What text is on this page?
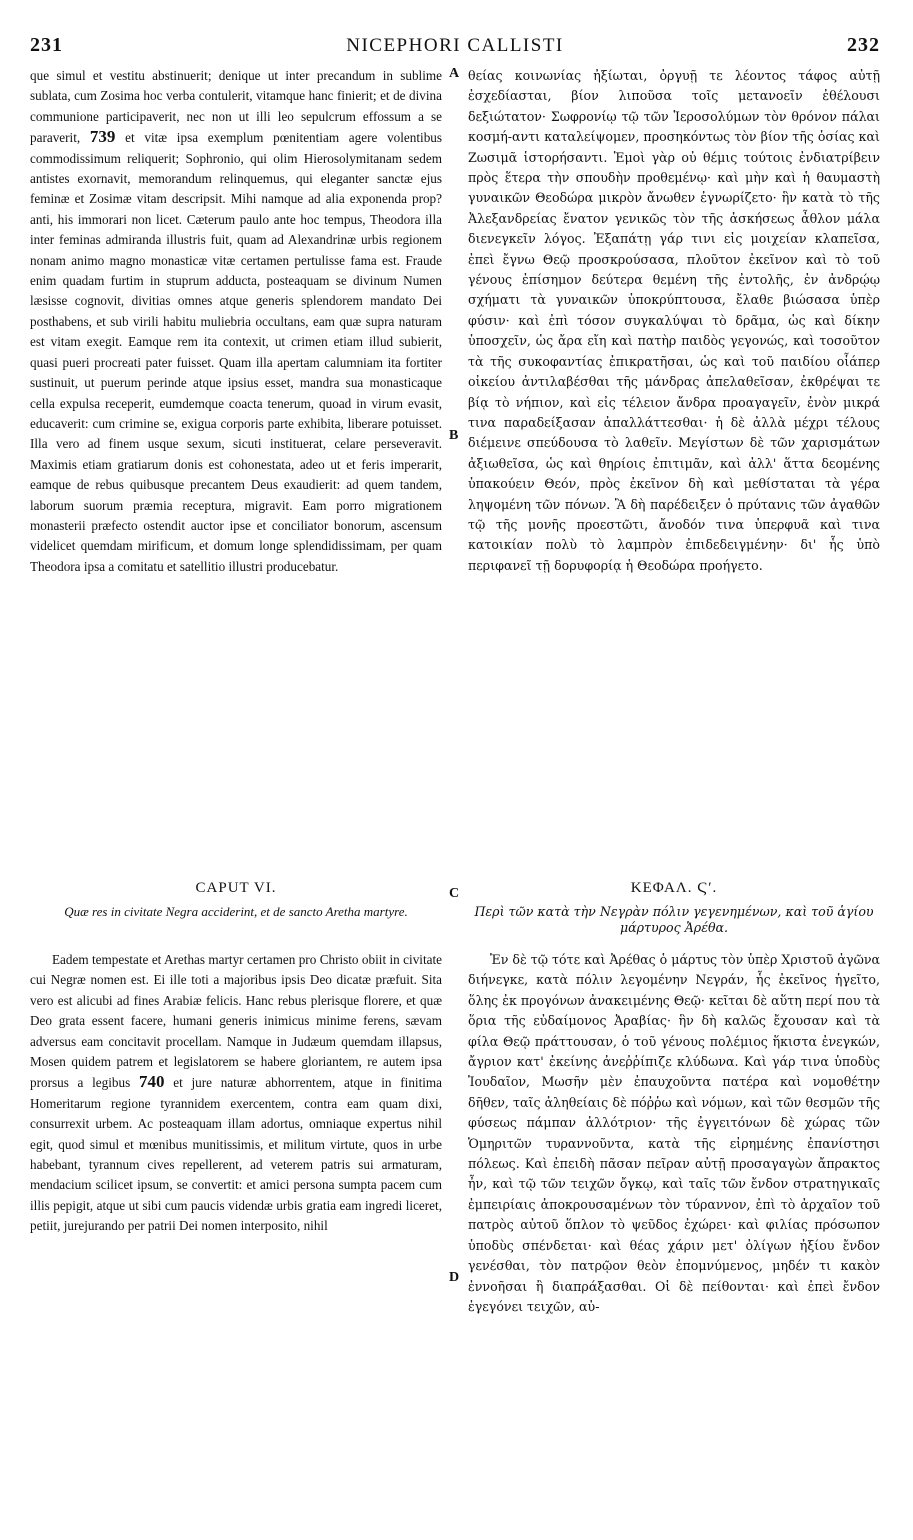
231	NICEPHORI CALLISTI	232

que simul et vestitu abstinuerit; denique ut inter precandum in sublime sublata, cum Zosima hoc verba contulerit, vitamque hanc finierit; et de divina communione participaverit, nec non ut illi leo sepulcrum effossum a se paraverit, 739 et vitæ ipsa exemplum pœnitentiam agere volentibus commodissimum reliquerit; Sophronio, qui olim Hierosolymitanam sedem antistes exornavit, memorandum relinquemus, qui eleganter sanctæ ejus feminæ et Zosimæ vitam descripsit. Mihi namque ad alia exponenda prop?anti, his immorari non licet. Cæterum paulo ante hoc tempus, Theodora illa inter feminas admiranda illustris fuit, quam ad Alexandrinæ urbis regionem nonam animo magno monasticæ vitæ certamen pertulisse fama est. Fraude enim quadam furtim in stuprum adducta, posteaquam se divinum Numen læsisse cognovit, divitias omnes atque generis splendorem mandato Dei posthabens, et sub virili habitu muliebria occultans, eam quæ supra naturam est vitam exegit. Eamque rem ita contexit, ut crimen etiam illud subierit, quasi pueri procreati pater fuisset. Quam illa apertam calumniam ita fortiter sustinuit, ut puerum perinde atque ipsius esset, mandra sua monasticaque cella expulsa receperit, eumdemque coacta tenerum, quoad in virum evasit, educaverit: cum crimine se, exigua corporis parte exhibita, liberare potuisset. Illa vero ad finem usque sexum, sicuti instituerat, celare perseveravit. Maximis etiam gratiarum donis est cohonestata, adeo ut et feris imperarit, eamque de rebus quibusque precantem Deus exaudierit: ad quem tandem, laborum suorum præmia receptura, migravit. Eam porro migrationem monasterii præfecto ostendit auctor ipse et conciliator bonorum, ascensum videlicet quemdam mirificum, et domum longe splendidissimam, per quam Theodora ipsa a comitatu et satellitio illustri producebatur.

θείας κοινωνίας ἠξίωται, ὀργυῇ τε λέοντος τάφος αὐτῇ ἐσχεδίασται, βίον λιποῦσα τοῖς μετανοεῖν ἐθέλουσι δεξιώτατον· Σωφρονίῳ τῷ τῶν Ἱεροσολύμων τὸν θρόνον πάλαι κοσμή-αντι καταλείψομεν, προσηκόντως τὸν βίον τῆς ὁσίας καὶ Ζωσιμᾶ ἱστορήσαντι. Ἐμοὶ γὰρ οὐ θέμις τούτοις ἐνδιατρίβειν πρὸς ἕτερα τὴν σπουδὴν προθεμένῳ· καὶ μὴν καὶ ἡ θαυμαστὴ γυναικῶν Θεοδώρα μικρὸν ἄνωθεν ἐγνωρίζετο· ἣν κατὰ τὸ τῆς Ἀλεξανδρείας ἔνατον γενικῶς τὸν τῆς ἀσκήσεως ἆθλον μάλα διενεγκεῖν λόγος. Ἐξαπάτῃ γάρ τινι εἰς μοιχείαν κλαπεῖσα, ἐπεὶ ἔγνω Θεῷ προσκρούσασα, πλοῦτον ἐκεῖνον καὶ τὸ τοῦ γένους ἐπίσημον δεύτερα θεμένη τῆς ἐντολῆς, ἐν ἀνδρῴῳ σχήματι τὰ γυναικῶν ὑποκρύπτουσα, ἔλαθε βιώσασα ὑπὲρ φύσιν· καὶ ἐπὶ τόσον συγκαλύψαι τὸ δρᾶμα, ὡς καὶ δίκην ὑποσχεῖν, ὡς ἄρα εἴη καὶ πατὴρ παιδὸς γεγονώς, καὶ τοσοῦτον τὰ τῆς συκοφαντίας ἐπικρατῆσαι, ὡς καὶ τοῦ παιδίου οἷάπερ οἰκείου ἀντιλαβέσθαι τῆς μάνδρας ἀπελαθεῖσαν, ἐκθρέψαι τε βίᾳ τὸ νήπιον, καὶ εἰς τέλειον ἄνδρα προαγαγεῖν, ἐνὸν μικρά τινα παραδείξασαν ἀπαλλάττεσθαι· ἡ δὲ ἀλλὰ μέχρι τέλους διέμεινε σπεύδουσα τὸ λαθεῖν. Μεγίστων δὲ τῶν χαρισμάτων ἀξιωθεῖσα, ὡς καὶ θηρίοις ἐπιτιμᾶν, καὶ ἀλλ' ἅττα δεομένης ὑπακούειν Θεόν, πρὸς ἐκεῖνον δὴ καὶ μεθίσταται τὰ γέρα ληψομένη τῶν πόνων. Ἃ δὴ παρέδειξεν ὁ πρύτανις τῶν ἀγαθῶν τῷ τῆς μονῆς προεστῶτι, ἄνοδόν τινα ὑπερφυᾶ καὶ τινα κατοικίαν πολὺ τὸ λαμπρὸν ἐπιδεδειγμένην· δι' ἧς ὑπὸ περιφανεῖ τῇ δορυφορίᾳ ἡ Θεοδώρα προήγετο.

A
B
C
D

CAPUT VI.
Quæ res in civitate Negra acciderint, et de sancto Aretha martyre.
ΚΕΦΑΛ. Ϛʹ.
Περὶ τῶν κατὰ τὴν Νεγρὰν πόλιν γεγενημένων, καὶ τοῦ ἁγίου μάρτυρος Ἀρέθα.

Eadem tempestate et Arethas martyr certamen pro Christo obiit in civitate cui Negræ nomen est. Ei ille toti a majoribus ipsis Deo dicatæ præfuit. Sita vero est alicubi ad fines Arabiæ felicis. Hanc rebus plerisque florere, et quæ Deo grata essent facere, humani generis inimicus minime ferens, sævam adversus eam concitavit procellam. Namque in Judæum quemdam illapsus, Mosen quidem patrem et legislatorem se habere gloriantem, re autem ipsa prorsus a legibus 740 et jure naturæ abhorrentem, atque in finitima Homeritarum regione tyrannidem exercentem, contra eam quam dixi, consurrexit urbem. Ac posteaquam illam adortus, omniaque expertus nihil egit, quod simul et mœnibus munitissimis, et militum virtute, quos in urbe habebant, tyrannum cives repellerent, ad veterem patris sui armaturam, mendacium scilicet ipsum, se convertit: et amici persona sumpta pacem cum illis pepigit, atque ut sibi cum paucis videndæ urbis gratia eam ingredi liceret, petiit, jurejurando per patrii Dei nomen interposito, nihil

Ἐν δὲ τῷ τότε καὶ Ἀρέθας ὁ μάρτυς τὸν ὑπὲρ Χριστοῦ ἀγῶνα διήνεγκε, κατὰ πόλιν λεγομένην Νεγράν, ἧς ἐκεῖνος ἡγεῖτο, ὅλης ἐκ προγόνων ἀνακειμένης Θεῷ· κεῖται δὲ αὕτη περί που τὰ ὅρια τῆς εὐδαίμονος Ἀραβίας· ἣν δὴ καλῶς ἔχουσαν καὶ τὰ φίλα Θεῷ πράττουσαν, ὁ τοῦ γένους πολέμιος ἥκιστα ἐνεγκών, ἄγριον κατ' ἐκείνης ἀνεῤῥίπιζε κλύδωνα. Καὶ γάρ τινα ὑποδὺς Ἰουδαῖον, Μωσῆν μὲν ἐπαυχοῦντα πατέρα καὶ νομοθέτην δῆθεν, ταῖς ἀληθείαις δὲ πόῤῥω καὶ νόμων, καὶ τῶν θεσμῶν τῆς φύσεως πάμπαν ἀλλότριον· τῆς ἐγγειτόνων δὲ χώρας τῶν Ὁμηριτῶν τυραννοῦντα, κατὰ τῆς εἰρημένης ἐπανίστησι πόλεως. Καὶ ἐπειδὴ πᾶσαν πεῖραν αὐτῇ προσαγαγὼν ἄπρακτος ἦν, καὶ τῷ τῶν τειχῶν ὄγκῳ, καὶ ταῖς τῶν ἔνδον στρατηγικαῖς ἐμπειρίαις ἀποκρουσαμένων τὸν τύραννον, ἐπὶ τὸ ἀρχαῖον τοῦ πατρὸς αὐτοῦ ὅπλον τὸ ψεῦδος ἐχώρει· καὶ φιλίας πρόσωπον ὑποδὺς σπένδεται· καὶ θέας χάριν μετ' ὀλίγων ἠξίου ἔνδον γενέσθαι, τὸν πατρῷον θεὸν ἐπομνύμενος, μηδέν τι κακὸν ἐννοῆσαι ἢ διαπράξασθαι. Οἱ δὲ πείθονται· καὶ ἐπεὶ ἔνδον ἐγεγόνει τειχῶν, αὐ-
